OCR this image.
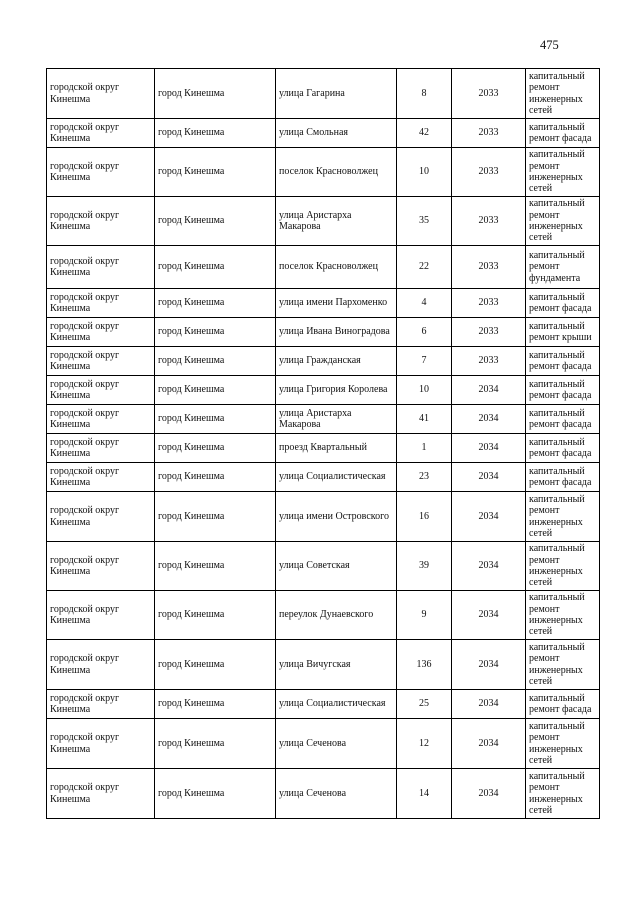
475
городской округ Кинешма	город Кинешма	улица Гагарина	8	2033	капитальный ремонт инженерных сетей
городской округ Кинешма	город Кинешма	улица Смольная	42	2033	капитальный ремонт фасада
городской округ Кинешма	город Кинешма	поселок Красноволжец	10	2033	капитальный ремонт инженерных сетей
городской округ Кинешма	город Кинешма	улица Аристарха Макарова	35	2033	капитальный ремонт инженерных сетей
городской округ Кинешма	город Кинешма	поселок Красноволжец	22	2033	капитальный ремонт фундамента
городской округ Кинешма	город Кинешма	улица имени Пархоменко	4	2033	капитальный ремонт фасада
городской округ Кинешма	город Кинешма	улица Ивана Виноградова	6	2033	капитальный ремонт крыши
городской округ Кинешма	город Кинешма	улица Гражданская	7	2033	капитальный ремонт фасада
городской округ Кинешма	город Кинешма	улица Григория Королева	10	2034	капитальный ремонт фасада
городской округ Кинешма	город Кинешма	улица Аристарха Макарова	41	2034	капитальный ремонт фасада
городской округ Кинешма	город Кинешма	проезд Квартальный	1	2034	капитальный ремонт фасада
городской округ Кинешма	город Кинешма	улица Социалистическая	23	2034	капитальный ремонт фасада
городской округ Кинешма	город Кинешма	улица имени Островского	16	2034	капитальный ремонт инженерных сетей
городской округ Кинешма	город Кинешма	улица Советская	39	2034	капитальный ремонт инженерных сетей
городской округ Кинешма	город Кинешма	переулок Дунаевского	9	2034	капитальный ремонт инженерных сетей
городской округ Кинешма	город Кинешма	улица Вичугская	136	2034	капитальный ремонт инженерных сетей
городской округ Кинешма	город Кинешма	улица Социалистическая	25	2034	капитальный ремонт фасада
городской округ Кинешма	город Кинешма	улица Сеченова	12	2034	капитальный ремонт инженерных сетей
городской округ Кинешма	город Кинешма	улица Сеченова	14	2034	капитальный ремонт инженерных сетей
